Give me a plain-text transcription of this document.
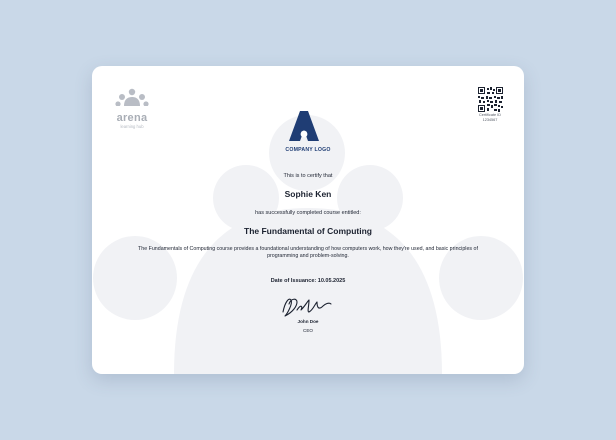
arena
learning hub
Certificate ID
1234567
COMPANY LOGO
This is to certify that
Sophie Ken
has successfully completed course entitled:
The Fundamental of Computing
The Fundamentals of Computing course provides a foundational understanding of how computers work, how they're used, and basic principles of programming and problem-solving.
Date of Issuance: 10.05.2025
John Doe
CEO
